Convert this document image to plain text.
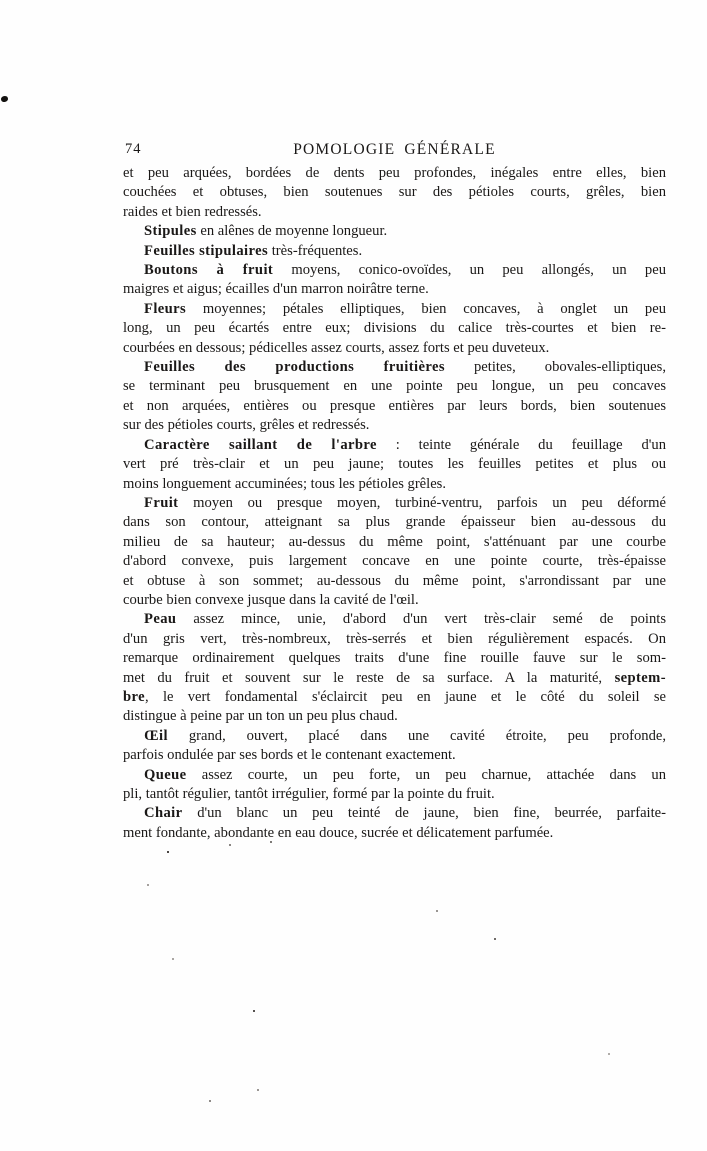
74	POMOLOGIE GÉNÉRALE
et peu arquées, bordées de dents peu profondes, inégales entre elles, bien
couchées et obtuses, bien soutenues sur des pétioles courts, grêles, bien
raides et bien redressés.
Stipules en alênes de moyenne longueur.
Feuilles stipulaires très-fréquentes.
Boutons à fruit moyens, conico-ovoïdes, un peu allongés, un peu
maigres et aigus; écailles d'un marron noirâtre terne.
Fleurs moyennes; pétales elliptiques, bien concaves, à onglet un peu
long, un peu écartés entre eux; divisions du calice très-courtes et bien re-
courbées en dessous; pédicelles assez courts, assez forts et peu duveteux.
Feuilles des productions fruitières petites, obovales-elliptiques,
se terminant peu brusquement en une pointe peu longue, un peu concaves
et non arquées, entières ou presque entières par leurs bords, bien soutenues
sur des pétioles courts, grêles et redressés.
Caractère saillant de l'arbre : teinte générale du feuillage d'un
vert pré très-clair et un peu jaune; toutes les feuilles petites et plus ou
moins longuement accuminées; tous les pétioles grêles.
Fruit moyen ou presque moyen, turbiné-ventru, parfois un peu déformé
dans son contour, atteignant sa plus grande épaisseur bien au-dessous du
milieu de sa hauteur; au-dessus du même point, s'atténuant par une courbe
d'abord convexe, puis largement concave en une pointe courte, très-épaisse
et obtuse à son sommet; au-dessous du même point, s'arrondissant par une
courbe bien convexe jusque dans la cavité de l'œil.
Peau assez mince, unie, d'abord d'un vert très-clair semé de points
d'un gris vert, très-nombreux, très-serrés et bien régulièrement espacés. On
remarque ordinairement quelques traits d'une fine rouille fauve sur le som-
met du fruit et souvent sur le reste de sa surface. A la maturité, septem-
bre, le vert fondamental s'éclaircit peu en jaune et le côté du soleil se
distingue à peine par un ton un peu plus chaud.
Œil grand, ouvert, placé dans une cavité étroite, peu profonde,
parfois ondulée par ses bords et le contenant exactement.
Queue assez courte, un peu forte, un peu charnue, attachée dans un
pli, tantôt régulier, tantôt irrégulier, formé par la pointe du fruit.
Chair d'un blanc un peu teinté de jaune, bien fine, beurrée, parfaite-
ment fondante, abondante en eau douce, sucrée et délicatement parfumée.
